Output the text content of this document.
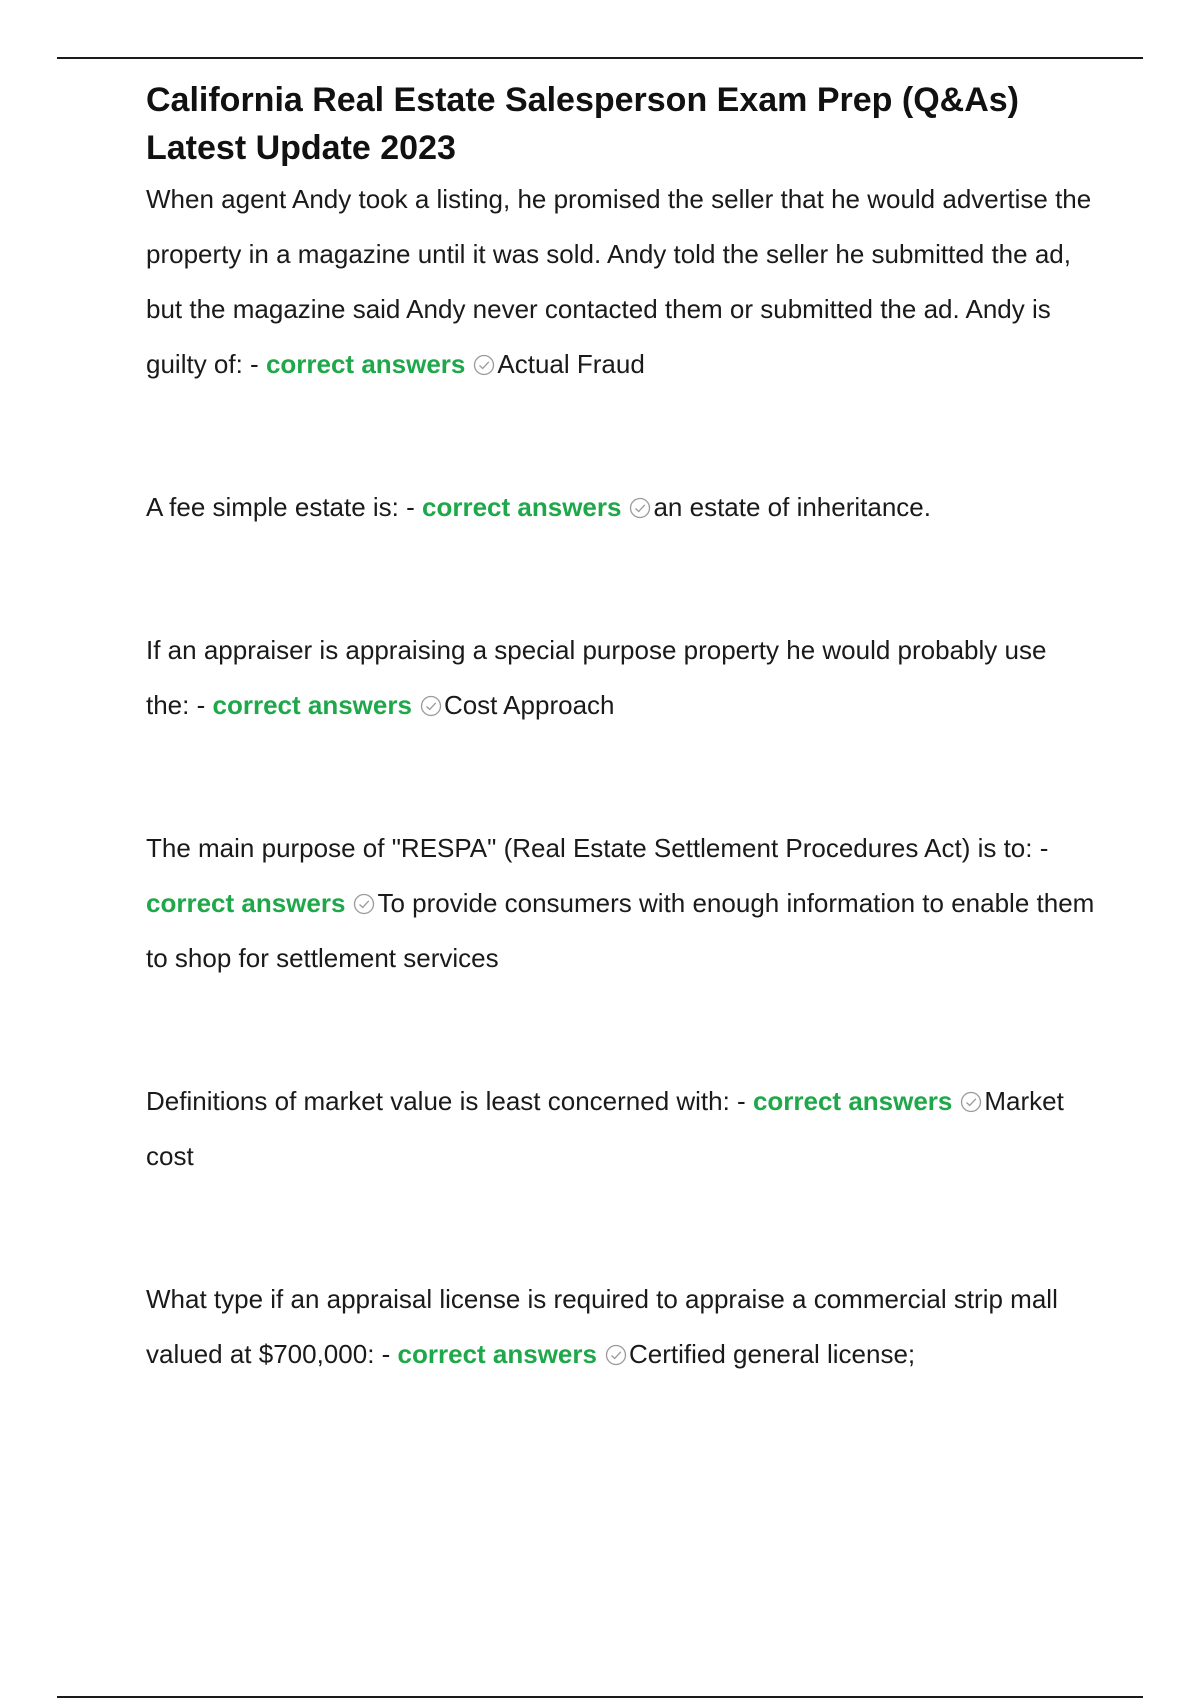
California Real Estate Salesperson Exam Prep (Q&As) Latest Update 2023

When agent Andy took a listing, he promised the seller that he would advertise the property in a magazine until it was sold. Andy told the seller he submitted the ad, but the magazine said Andy never contacted them or submitted the ad. Andy is guilty of: - correct answers Actual Fraud

A fee simple estate is: - correct answers an estate of inheritance.

If an appraiser is appraising a special purpose property he would probably use the: - correct answers Cost Approach

The main purpose of "RESPA" (Real Estate Settlement Procedures Act) is to: - correct answers To provide consumers with enough information to enable them to shop for settlement services

Definitions of market value is least concerned with: - correct answers Market cost

What type if an appraisal license is required to appraise a commercial strip mall valued at $700,000: - correct answers Certified general license;
